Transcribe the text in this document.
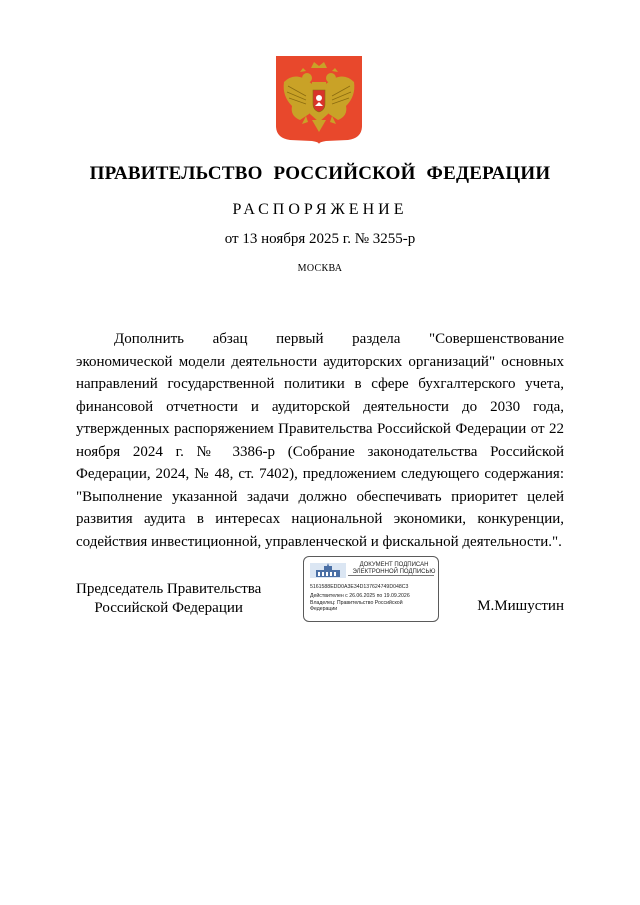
ПРАВИТЕЛЬСТВО РОССИЙСКОЙ ФЕДЕРАЦИИ
РАСПОРЯЖЕНИЕ
от 13 ноября 2025 г. № 3255-р
МОСКВА

Дополнить абзац первый раздела "Совершенствование экономической модели деятельности аудиторских организаций" основных направлений государственной политики в сфере бухгалтерского учета, финансовой отчетности и аудиторской деятельности до 2030 года, утвержденных распоряжением Правительства Российской Федерации от 22 ноября 2024 г. № 3386-р (Собрание законодательства Российской Федерации, 2024, № 48, ст. 7402), предложением следующего содержания: "Выполнение указанной задачи должно обеспечивать приоритет целей развития аудита в интересах национальной экономики, конкуренции, содействия инвестиционной, управленческой и фискальной деятельности.".

Председатель Правительства
Российской Федерации
ДОКУМЕНТ ПОДПИСАН
ЭЛЕКТРОННОЙ ПОДПИСЬЮ
5161588EDD0A3E34D137624749D048C3
Действителен с 26.06.2025 по 19.09.2026
Владелец: Правительство Российской
Федерации	М.Мишустин
